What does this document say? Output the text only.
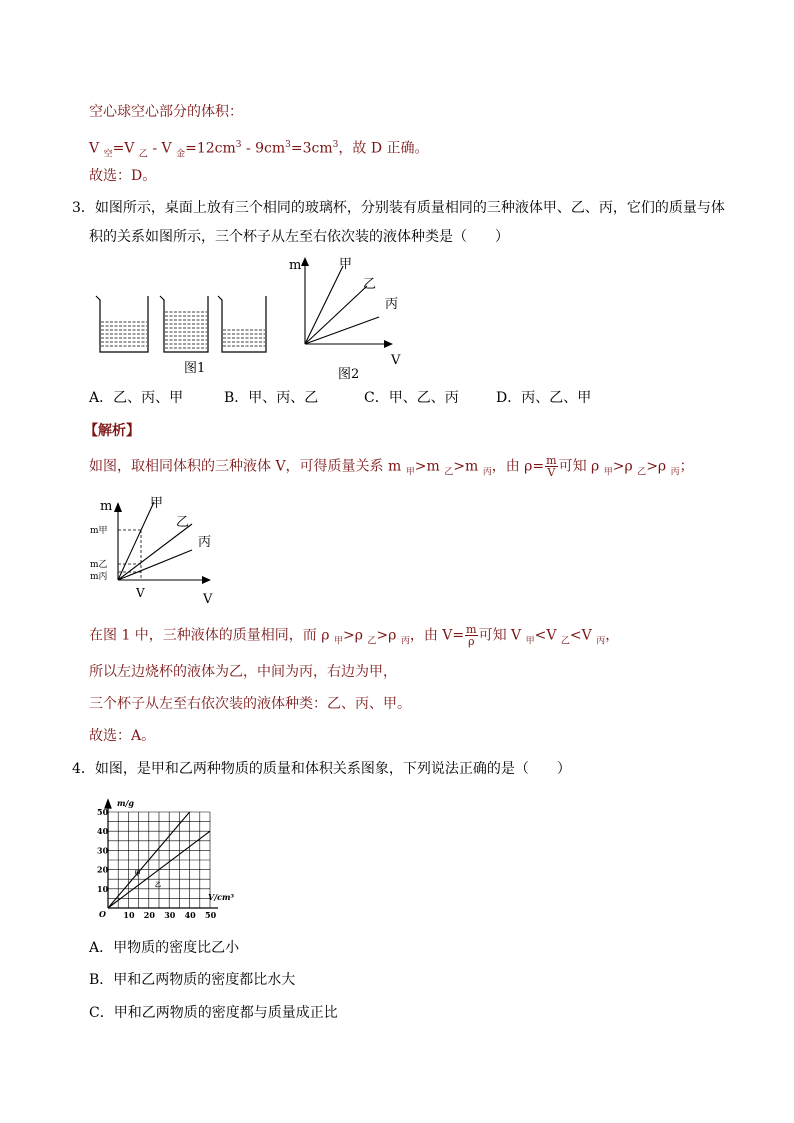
空心球空心部分的体积：
V $_空$=V $_乙$ - V $_金=12cm^3 - 9cm^3=3cm^3$，故 D 正确。
故选：D。
3．如图所示，桌面上放有三个相同的玻璃杯，分别装有质量相同的三种液体甲、乙、丙，它们的质量与体
积的关系如图所示，三个杯子从左至右依次装的液体种类是（　　）
图1
m
V
甲
乙
丙
图2
A．乙、丙、甲	B．甲、丙、乙	C．甲、乙、丙	D．丙、乙、甲
【解析】
如图，取相同体积的三种液体 V，可得质量关系 m $_甲$>m $_乙$>m $_丙$，由 $\rho= \frac{m}{V}$ 可知 ρ $_甲$>ρ $_乙$>ρ $_丙$；
m
V
V
甲
乙
丙
m甲
m乙
m丙
在图 1 中，三种液体的质量相同，而 ρ $_甲$>ρ $_乙$>ρ $_丙$，由 $V= \frac{m}{\rho}$ 可知 V $_甲$<V $_乙$<V $_丙$，
所以左边烧杯的液体为乙，中间为丙，右边为甲，
三个杯子从左至右依次装的液体种类：乙、丙、甲。
故选：A。
4．如图，是甲和乙两种物质的质量和体积关系图象，下列说法正确的是（　　）
10 20 30 40 50
10
20
30
40
50
O
m/g
V/cm³
甲
乙
A．甲物质的密度比乙小
B．甲和乙两物质的密度都比水大
C．甲和乙两物质的密度都与质量成正比
